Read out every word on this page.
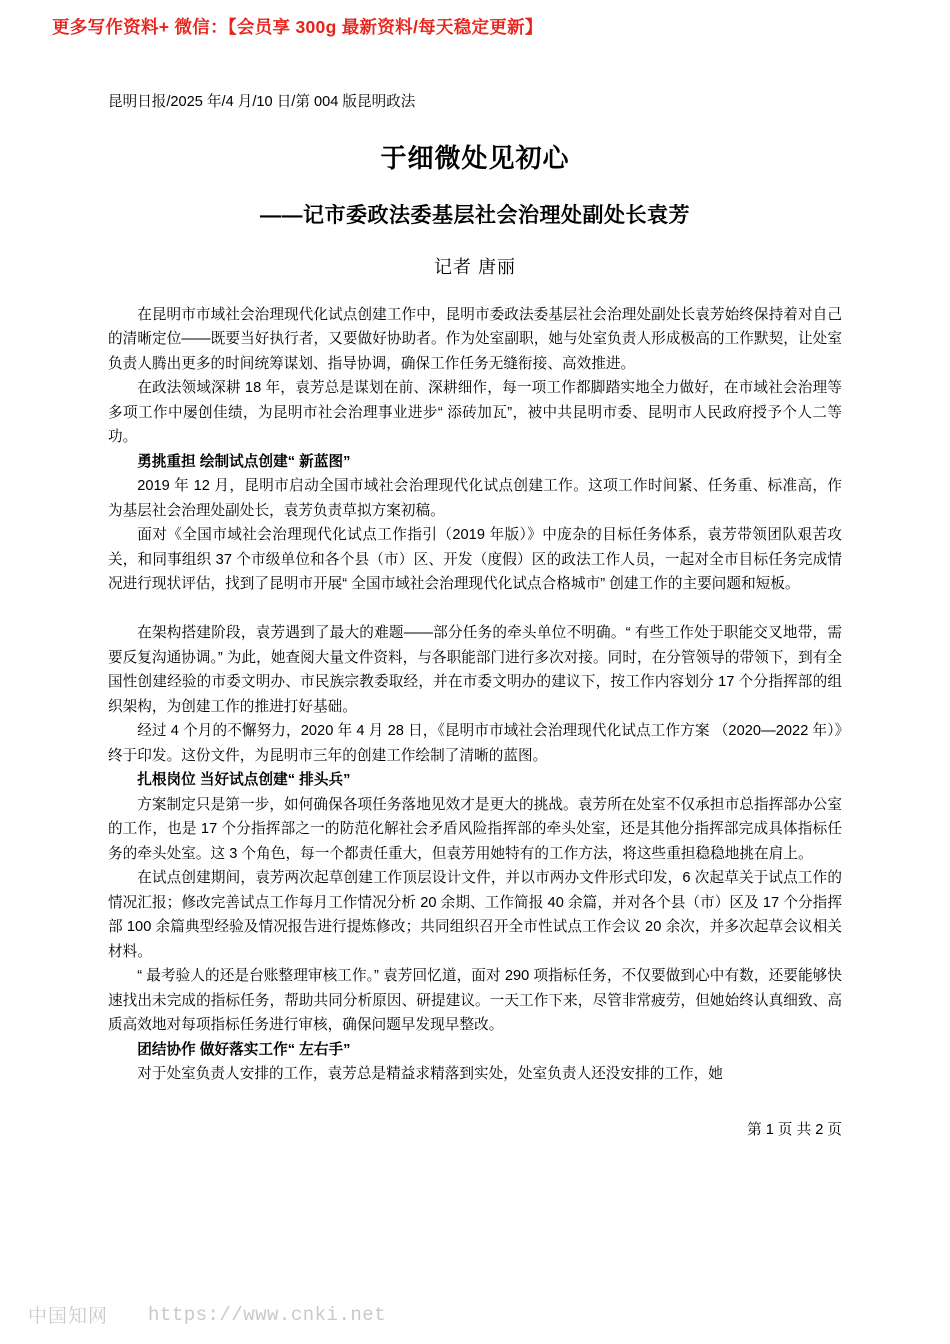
更多写作资料+ 微信：【会员享 300g 最新资料/每天稳定更新】
昆明日报/2025 年/4 月/10 日/第 004 版昆明政法
于细微处见初心
——记市委政法委基层社会治理处副处长袁芳
记者 唐丽

在昆明市市域社会治理现代化试点创建工作中，昆明市委政法委基层社会治理处副处长袁芳始终保持着对自己的清晰定位——既要当好执行者，又要做好协助者。作为处室副职，她与处室负责人形成极高的工作默契，让处室负责人腾出更多的时间统筹谋划、指导协调，确保工作任务无缝衔接、高效推进。

在政法领域深耕 18 年，袁芳总是谋划在前、深耕细作，每一项工作都脚踏实地全力做好，在市域社会治理等多项工作中屡创佳绩，为昆明市社会治理事业进步“ 添砖加瓦”，被中共昆明市委、昆明市人民政府授予个人二等功。

勇挑重担 绘制试点创建“ 新蓝图”

2019 年 12 月，昆明市启动全国市域社会治理现代化试点创建工作。这项工作时间紧、任务重、标准高，作为基层社会治理处副处长，袁芳负责草拟方案初稿。

面对《全国市域社会治理现代化试点工作指引（2019 年版）》中庞杂的目标任务体系，袁芳带领团队艰苦攻关，和同事组织 37 个市级单位和各个县（市）区、开发（度假）区的政法工作人员，一起对全市目标任务完成情况进行现状评估，找到了昆明市开展“ 全国市域社会治理现代化试点合格城市” 创建工作的主要问题和短板。

在架构搭建阶段，袁芳遇到了最大的难题——部分任务的牵头单位不明确。“ 有些工作处于职能交叉地带，需要反复沟通协调。” 为此，她查阅大量文件资料，与各职能部门进行多次对接。同时，在分管领导的带领下，到有全国性创建经验的市委文明办、市民族宗教委取经，并在市委文明办的建议下，按工作内容划分 17 个分指挥部的组织架构，为创建工作的推进打好基础。

经过 4 个月的不懈努力，2020 年 4 月 28 日，《昆明市市域社会治理现代化试点工作方案 （2020—2022 年）》终于印发。这份文件，为昆明市三年的创建工作绘制了清晰的蓝图。

扎根岗位 当好试点创建“ 排头兵”

方案制定只是第一步，如何确保各项任务落地见效才是更大的挑战。袁芳所在处室不仅承担市总指挥部办公室的工作，也是 17 个分指挥部之一的防范化解社会矛盾风险指挥部的牵头处室，还是其他分指挥部完成具体指标任务的牵头处室。这 3 个角色，每一个都责任重大，但袁芳用她特有的工作方法，将这些重担稳稳地挑在肩上。

在试点创建期间，袁芳两次起草创建工作顶层设计文件，并以市两办文件形式印发，6 次起草关于试点工作的情况汇报；修改完善试点工作每月工作情况分析 20 余期、工作简报 40 余篇，并对各个县（市）区及 17 个分指挥部 100 余篇典型经验及情况报告进行提炼修改；共同组织召开全市性试点工作会议 20 余次，并多次起草会议相关材料。

“ 最考验人的还是台账整理审核工作。” 袁芳回忆道，面对 290 项指标任务，不仅要做到心中有数，还要能够快速找出未完成的指标任务，帮助共同分析原因、研提建议。一天工作下来，尽管非常疲劳，但她始终认真细致、高质高效地对每项指标任务进行审核，确保问题早发现早整改。

团结协作 做好落实工作“ 左右手”

对于处室负责人安排的工作，袁芳总是精益求精落到实处，处室负责人还没安排的工作，她

第 1 页 共 2 页
中国知网 https://www.cnki.net
